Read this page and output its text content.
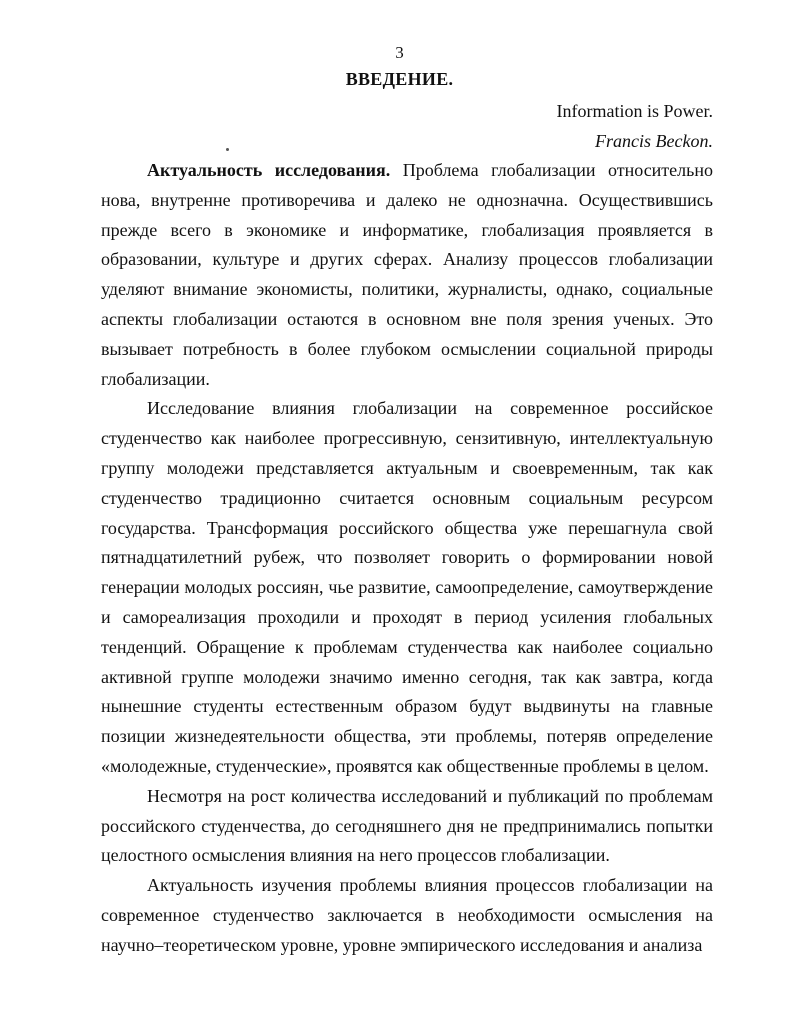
3
ВВЕДЕНИЕ.
Information is Power.
Francis Beckon.

Актуальность исследования. Проблема глобализации относительно нова, внутренне противоречива и далеко не однозначна. Осуществившись прежде всего в экономике и информатике, глобализация проявляется в образовании, культуре и других сферах. Анализу процессов глобализации уделяют внимание экономисты, политики, журналисты, однако, социальные аспекты глобализации остаются в основном вне поля зрения ученых. Это вызывает потребность в более глубоком осмыслении социальной природы глобализации.

Исследование влияния глобализации на современное российское студенчество как наиболее прогрессивную, сензитивную, интеллектуальную группу молодежи представляется актуальным и своевременным, так как студенчество традиционно считается основным социальным ресурсом государства. Трансформация российского общества уже перешагнула свой пятнадцатилетний рубеж, что позволяет говорить о формировании новой генерации молодых россиян, чье развитие, самоопределение, самоутверждение и самореализация проходили и проходят в период усиления глобальных тенденций. Обращение к проблемам студенчества как наиболее социально активной группе молодежи значимо именно сегодня, так как завтра, когда нынешние студенты естественным образом будут выдвинуты на главные позиции жизнедеятельности общества, эти проблемы, потеряв определение «молодежные, студенческие», проявятся как общественные проблемы в целом.

Несмотря на рост количества исследований и публикаций по проблемам российского студенчества, до сегодняшнего дня не предпринимались попытки целостного осмысления влияния на него процессов глобализации.

Актуальность изучения проблемы влияния процессов глобализации на современное студенчество заключается в необходимости осмысления на научно–теоретическом уровне, уровне эмпирического исследования и анализа
